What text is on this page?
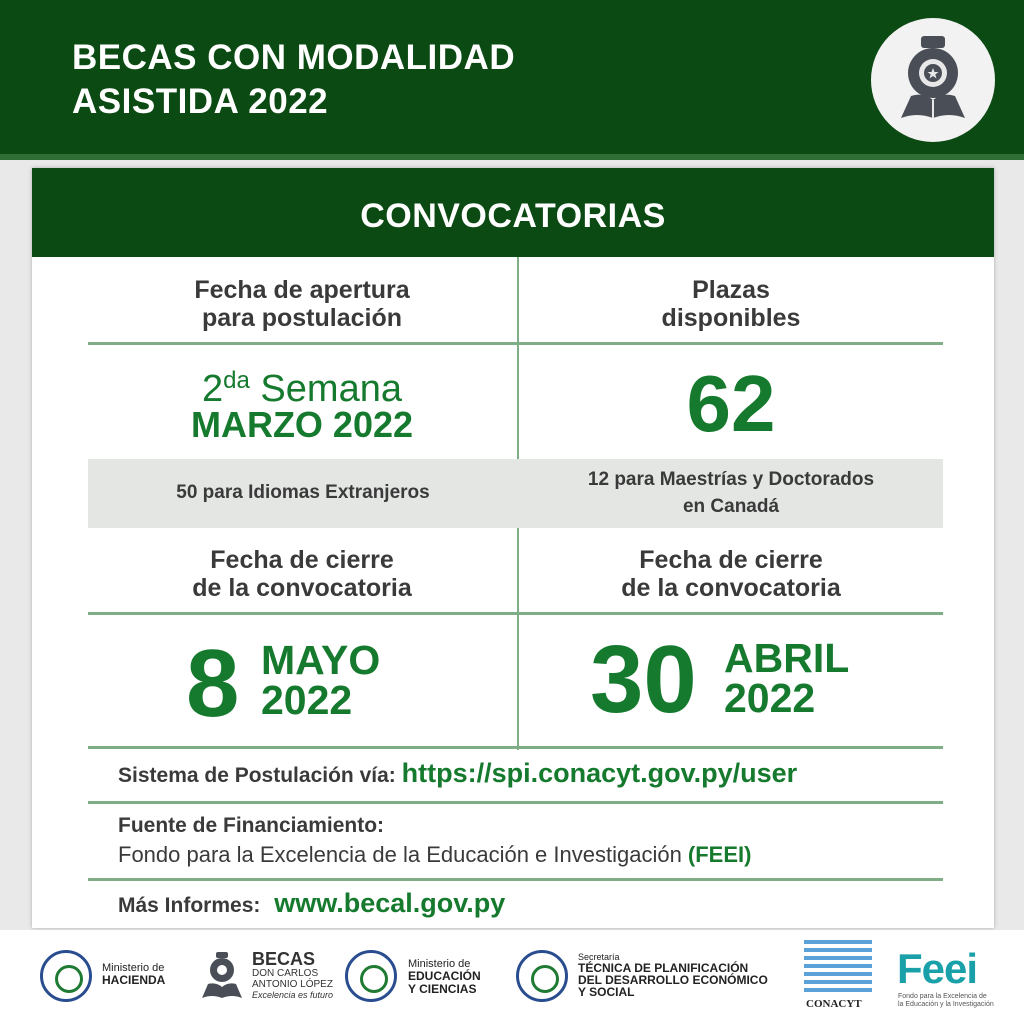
BECAS CON MODALIDAD
ASISTIDA 2022
CONVOCATORIAS
Fecha de apertura
para postulación
Plazas
disponibles
$2^{da}$ Semana
MARZO 2022	62
50 para Idiomas Extranjeros
12 para Maestrías y Doctorados
en Canadá
Fecha de cierre
de la convocatoria
Fecha de cierre
de la convocatoria
8 MAYO
2022 30 ABRIL
2022
Sistema de Postulación vía: https://spi.conacyt.gov.py/user
Fuente de Financiamiento:
Fondo para la Excelencia de la Educación e Investigación (FEEI)
Más Informes: www.becal.gov.py
Ministerio de
HACIENDA
BECAS
DON CARLOS
ANTONIO LÓPEZ
Excelencia es futuro
Ministerio de
EDUCACIÓN
Y CIENCIAS
Secretaría
TÉCNICA DE PLANIFICACIÓN
DEL DESARROLLO ECONÓMICO
Y SOCIAL
CONACYT
Feei
Fondo para la Excelencia de
la Educación y la Investigación
